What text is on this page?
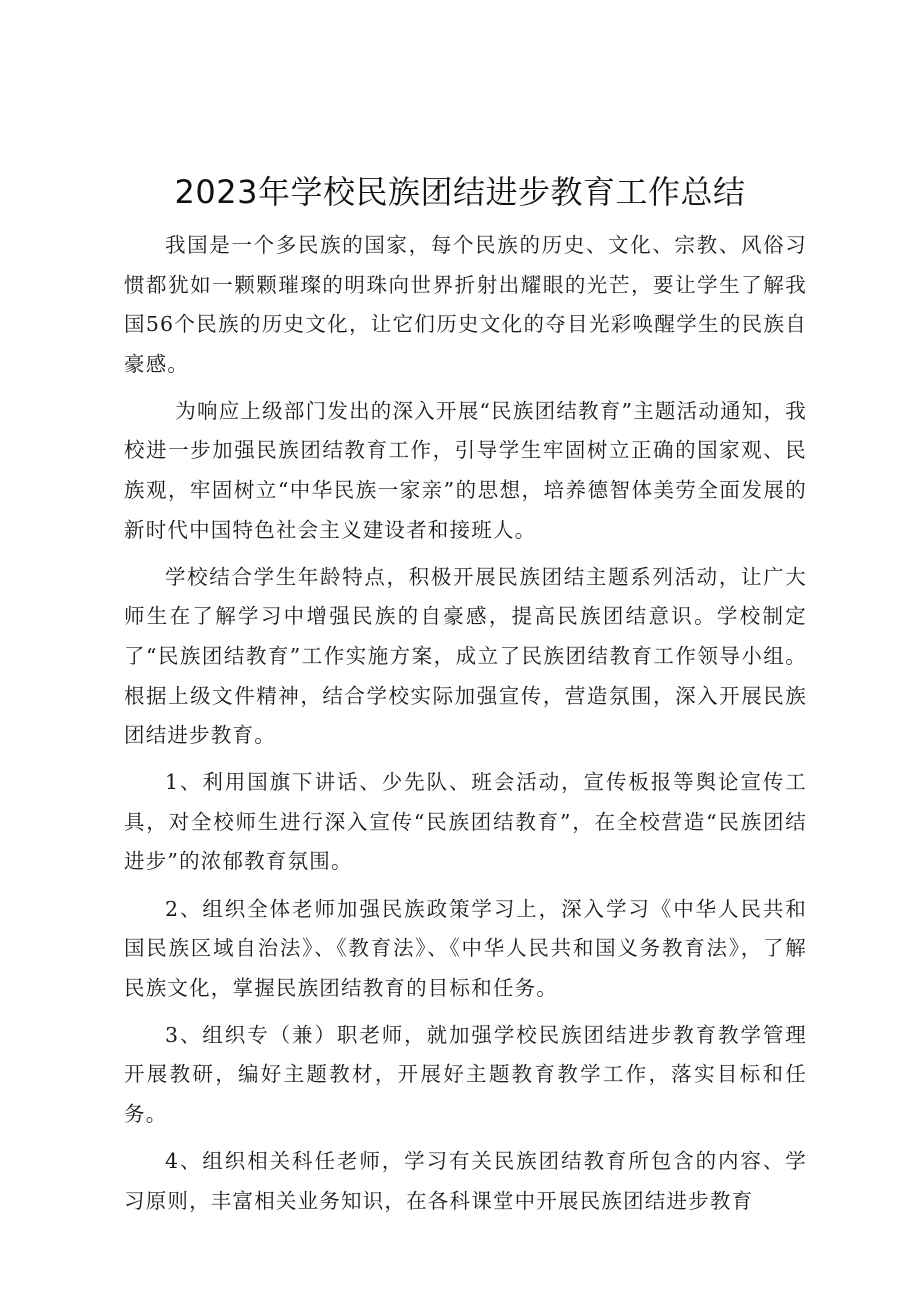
2023年学校民族团结进步教育工作总结

我国是一个多民族的国家，每个民族的历史、文化、宗教、风俗习惯都犹如一颗颗璀璨的明珠向世界折射出耀眼的光芒，要让学生了解我国56个民族的历史文化，让它们历史文化的夺目光彩唤醒学生的民族自豪感。

为响应上级部门发出的深入开展“民族团结教育”主题活动通知，我校进一步加强民族团结教育工作，引导学生牢固树立正确的国家观、民族观，牢固树立“中华民族一家亲”的思想，培养德智体美劳全面发展的新时代中国特色社会主义建设者和接班人。

学校结合学生年龄特点，积极开展民族团结主题系列活动，让广大师生在了解学习中增强民族的自豪感，提高民族团结意识。学校制定了“民族团结教育”工作实施方案，成立了民族团结教育工作领导小组。根据上级文件精神，结合学校实际加强宣传，营造氛围，深入开展民族团结进步教育。

1、利用国旗下讲话、少先队、班会活动，宣传板报等舆论宣传工具，对全校师生进行深入宣传“民族团结教育”，在全校营造“民族团结进步”的浓郁教育氛围。

2、组织全体老师加强民族政策学习上，深入学习《中华人民共和国民族区域自治法》、《教育法》、《中华人民共和国义务教育法》，了解民族文化，掌握民族团结教育的目标和任务。

3、组织专（兼）职老师，就加强学校民族团结进步教育教学管理开展教研，编好主题教材，开展好主题教育教学工作，落实目标和任务。

4、组织相关科任老师，学习有关民族团结教育所包含的内容、学习原则，丰富相关业务知识，在各科课堂中开展民族团结进步教育
